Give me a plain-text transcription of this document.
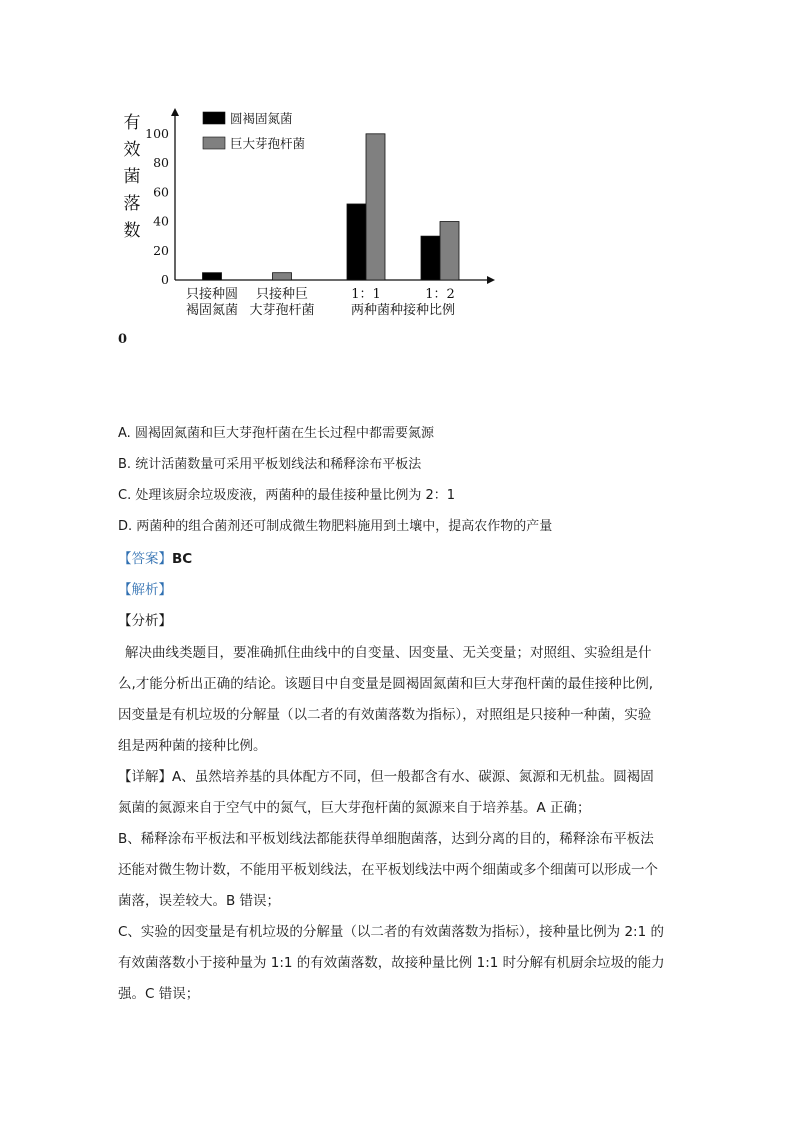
有
效
菌
落
数
0
20
40
60
80
100
圆褐固氮菌
巨大芽孢杆菌
只接种圆
褐固氮菌
只接种巨
大芽孢杆菌
1：1	1：2
两种菌种接种比例
0
A. 圆褐固氮菌和巨大芽孢杆菌在生长过程中都需要氮源
B. 统计活菌数量可采用平板划线法和稀释涂布平板法
C. 处理该厨余垃圾废液，两菌种的最佳接种量比例为 2：1
D. 两菌种的组合菌剂还可制成微生物肥料施用到土壤中，提高农作物的产量
【答案】BC
【解析】
【分析】

解决曲线类题目，要准确抓住曲线中的自变量、因变量、无关变量；对照组、实验组是什

么,才能分析出正确的结论。该题目中自变量是圆褐固氮菌和巨大芽孢杆菌的最佳接种比例,

因变量是有机垃圾的分解量（以二者的有效菌落数为指标），对照组是只接种一种菌，实验

组是两种菌的接种比例。

【详解】A、虽然培养基的具体配方不同，但一般都含有水、碳源、氮源和无机盐。圆褐固

氮菌的氮源来自于空气中的氮气，巨大芽孢杆菌的氮源来自于培养基。A 正确；

B、稀释涂布平板法和平板划线法都能获得单细胞菌落，达到分离的目的，稀释涂布平板法

还能对微生物计数，不能用平板划线法，在平板划线法中两个细菌或多个细菌可以形成一个

菌落，误差较大。B 错误；

C、实验的因变量是有机垃圾的分解量（以二者的有效菌落数为指标），接种量比例为 2:1 的

有效菌落数小于接种量为 1:1 的有效菌落数，故接种量比例 1:1 时分解有机厨余垃圾的能力

强。C 错误；
